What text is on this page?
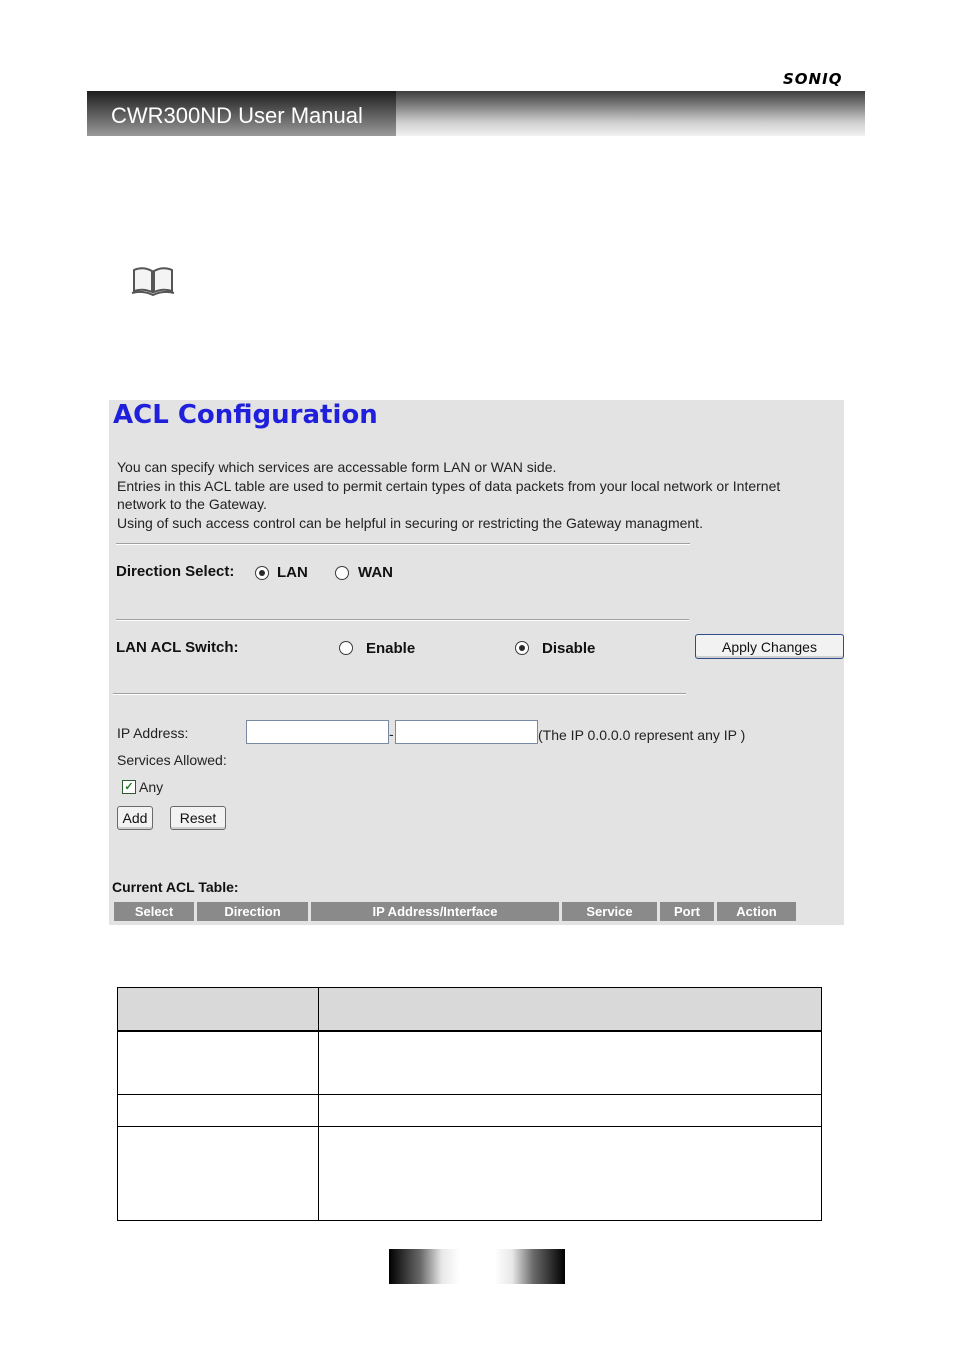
SONIQ
CWR300ND User Manual
ACL Configuration

You can specify which services are accessable form LAN or WAN side.

Entries in this ACL table are used to permit certain types of data packets from your local network or Internet network to the Gateway.

Using of such access control can be helpful in securing or restricting the Gateway managment.

Direction Select:	LAN	WAN
LAN ACL Switch:	Enable	Disable	Apply Changes
IP Address:	-	(The IP 0.0.0.0 represent any IP )
Services Allowed:
✓ Any
Add	Reset
Current ACL Table:
Select	Direction	IP Address/Interface	Service	Port	Action
